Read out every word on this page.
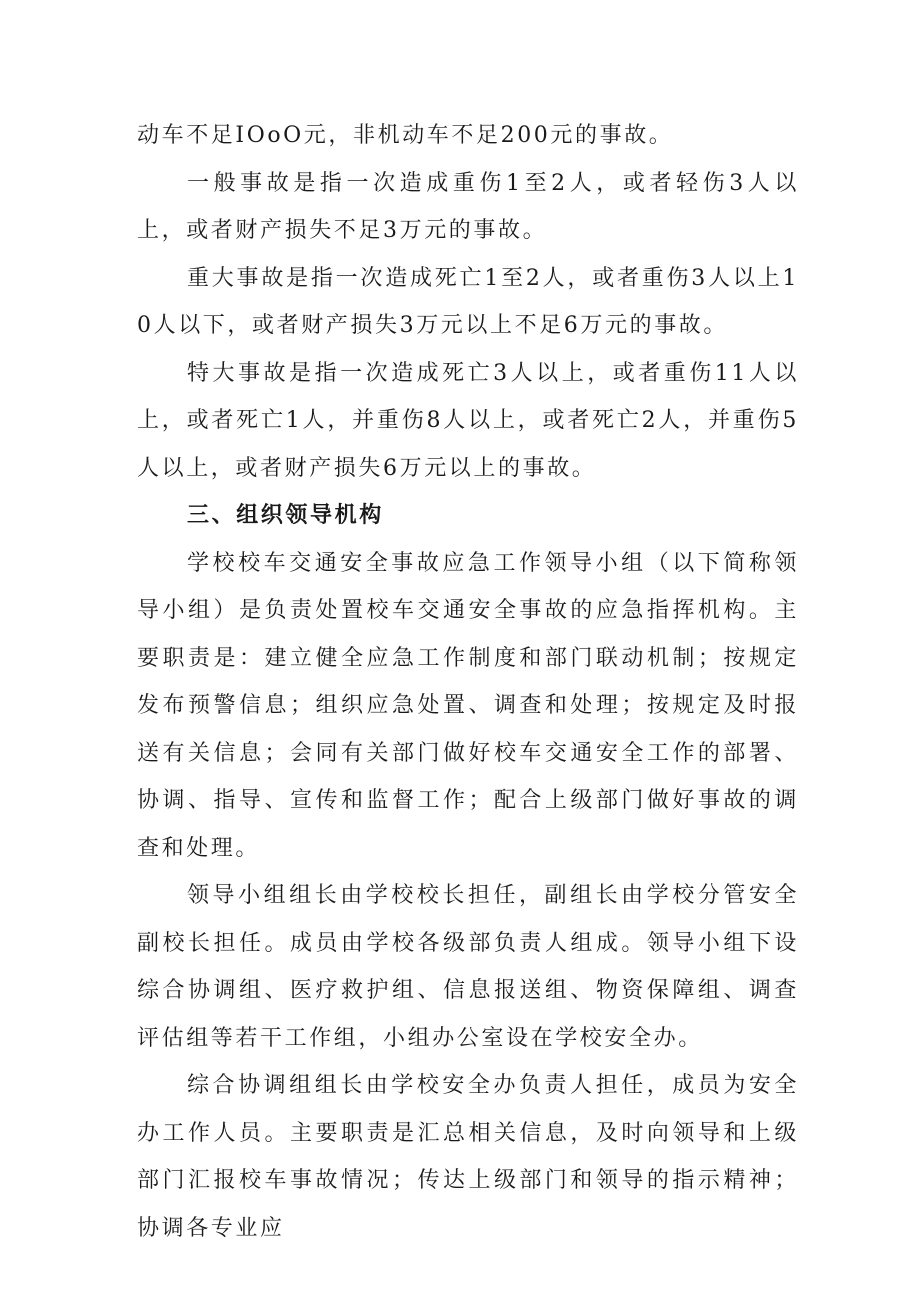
动车不足IOoO元，非机动车不足200元的事故。

一般事故是指一次造成重伤1至2人，或者轻伤3人以上，或者财产损失不足3万元的事故。

重大事故是指一次造成死亡1至2人，或者重伤3人以上10人以下，或者财产损失3万元以上不足6万元的事故。

特大事故是指一次造成死亡3人以上，或者重伤11人以上，或者死亡1人，并重伤8人以上，或者死亡2人，并重伤5人以上，或者财产损失6万元以上的事故。

三、组织领导机构

学校校车交通安全事故应急工作领导小组（以下简称领导小组）是负责处置校车交通安全事故的应急指挥机构。主要职责是：建立健全应急工作制度和部门联动机制；按规定发布预警信息；组织应急处置、调查和处理；按规定及时报送有关信息；会同有关部门做好校车交通安全工作的部署、协调、指导、宣传和监督工作；配合上级部门做好事故的调查和处理。

领导小组组长由学校校长担任，副组长由学校分管安全副校长担任。成员由学校各级部负责人组成。领导小组下设综合协调组、医疗救护组、信息报送组、物资保障组、调查评估组等若干工作组，小组办公室设在学校安全办。

综合协调组组长由学校安全办负责人担任，成员为安全办工作人员。主要职责是汇总相关信息，及时向领导和上级部门汇报校车事故情况；传达上级部门和领导的指示精神；协调各专业应
